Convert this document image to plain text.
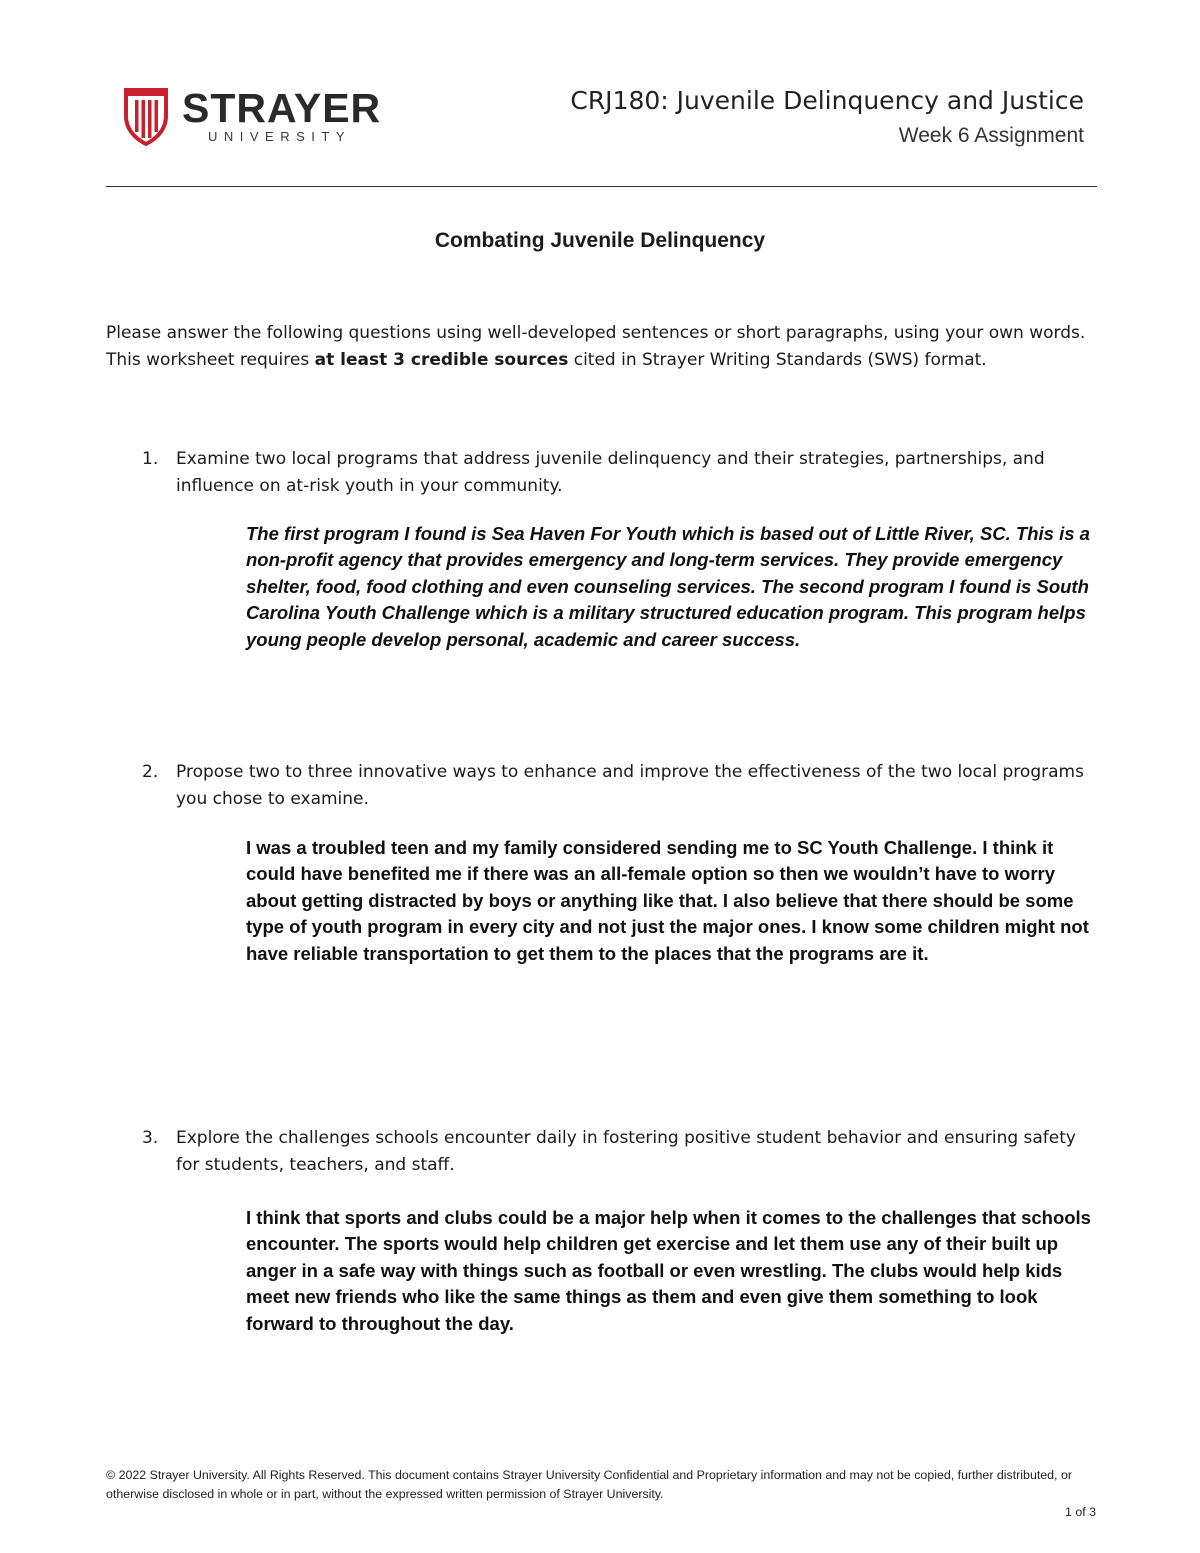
STRAYER
UNIVERSITY
CRJ180: Juvenile Delinquency and Justice
Week 6 Assignment
Combating Juvenile Delinquency
Please answer the following questions using well-developed sentences or short paragraphs, using your own words. This worksheet requires at least 3 credible sources cited in Strayer Writing Standards (SWS) format.
1. Examine two local programs that address juvenile delinquency and their strategies, partnerships, and influence on at-risk youth in your community.
The first program I found is Sea Haven For Youth which is based out of Little River, SC. This is a non-profit agency that provides emergency and long-term services. They provide emergency shelter, food, food clothing and even counseling services. The second program I found is South Carolina Youth Challenge which is a military structured education program. This program helps young people develop personal, academic and career success.
2. Propose two to three innovative ways to enhance and improve the effectiveness of the two local programs you chose to examine.
I was a troubled teen and my family considered sending me to SC Youth Challenge. I think it could have benefited me if there was an all-female option so then we wouldn’t have to worry about getting distracted by boys or anything like that. I also believe that there should be some type of youth program in every city and not just the major ones. I know some children might not have reliable transportation to get them to the places that the programs are it.
3. Explore the challenges schools encounter daily in fostering positive student behavior and ensuring safety for students, teachers, and staff.
I think that sports and clubs could be a major help when it comes to the challenges that schools encounter. The sports would help children get exercise and let them use any of their built up anger in a safe way with things such as football or even wrestling. The clubs would help kids meet new friends who like the same things as them and even give them something to look forward to throughout the day.
© 2022 Strayer University. All Rights Reserved. This document contains Strayer University Confidential and Proprietary information and may not be copied, further distributed, or otherwise disclosed in whole or in part, without the expressed written permission of Strayer University.
1 of 3
